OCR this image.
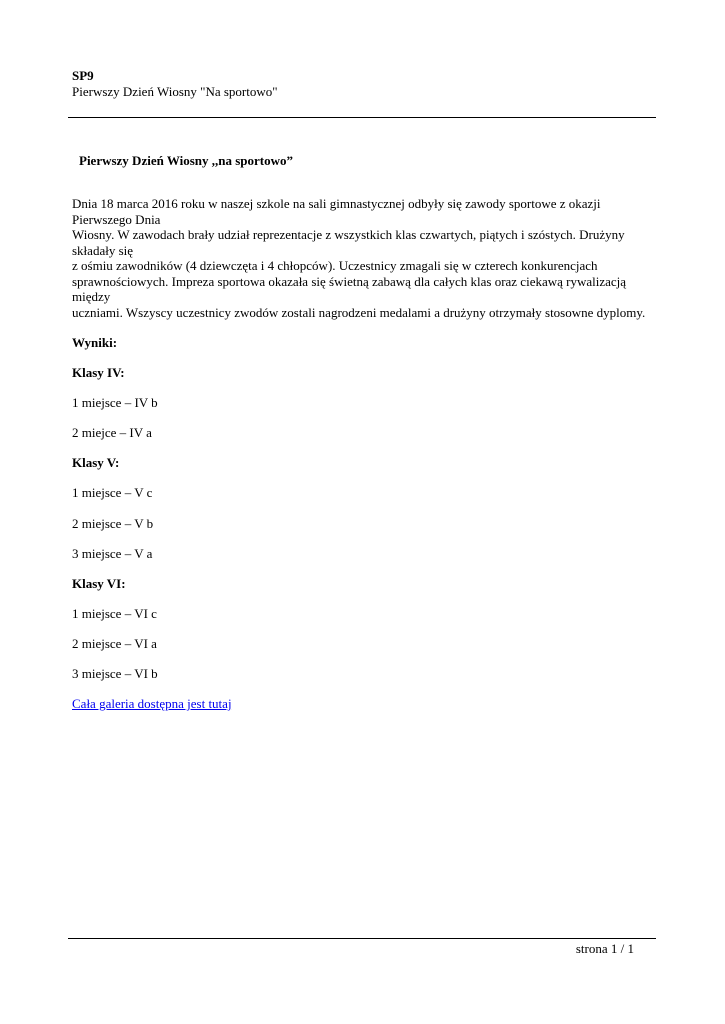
SP9
Pierwszy Dzień Wiosny "Na sportowo"
Pierwszy Dzień Wiosny ,,na sportowo”

Dnia 18 marca 2016 roku w naszej szkole na sali gimnastycznej odbyły się zawody sportowe z okazji Pierwszego Dnia
Wiosny. W zawodach brały udział reprezentacje z wszystkich klas czwartych, piątych i szóstych. Drużyny składały się
z ośmiu zawodników (4 dziewczęta i 4 chłopców). Uczestnicy zmagali się w czterech konkurencjach
sprawnościowych. Impreza sportowa okazała się świetną zabawą dla całych klas oraz ciekawą rywalizacją między
uczniami. Wszyscy uczestnicy zwodów zostali nagrodzeni medalami a drużyny otrzymały stosowne dyplomy.

Wyniki:

Klasy IV:

1 miejsce – IV b

2 miejce – IV a

Klasy V:

1 miejsce – V c

2 miejsce – V b

3 miejsce – V a

Klasy VI:

1 miejsce – VI c

2 miejsce – VI a

3 miejsce – VI b

Cała galeria dostępna jest tutaj

strona 1 / 1
